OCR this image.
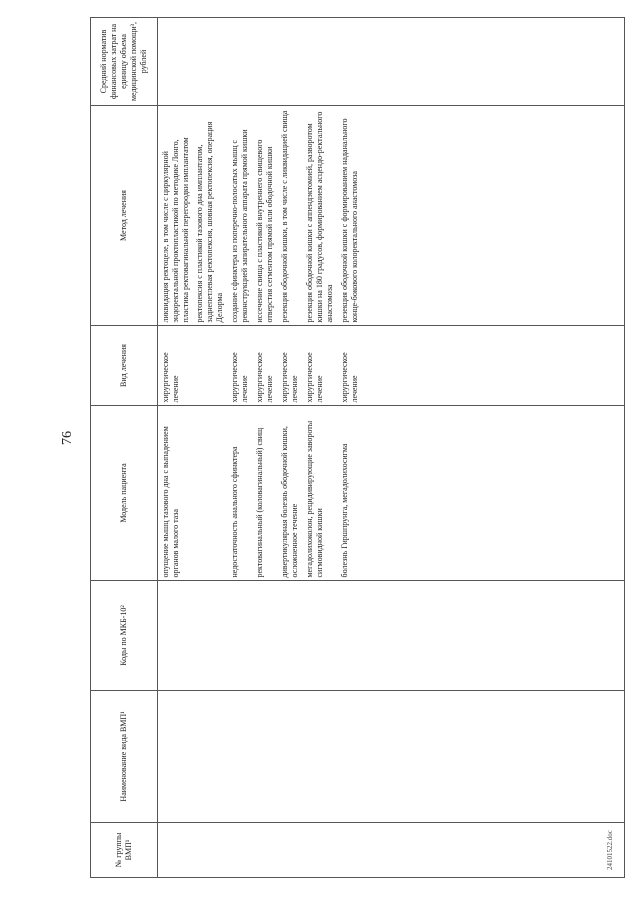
76
24101522.doc
№ группы ВМП¹	Наименование вида ВМП¹	Коды по МКБ-10²	Модель пациента	Вид лечения	Метод лечения	Средний норматив финансовых затрат на единицу объема медицинской помощи³, рублей
			опущение мышц тазового дна с выпадением органов малого таза	хирургическое лечение	ликвидация ректоцеле, в том числе с циркулярной эндоректальной проктопластикой по методике Лонго, пластика ректовагинальной перегородки имплантатом ректопексия с пластикой тазового дна имплантатом, заднепетлевая ректопексия, шовная ректопексия, операция Делорма	

			недостаточность анального сфинктера	хирургическое лечение	создание сфинктера из поперечно-полосатых мышц с реконструкцией запирательного аппарата прямой кишки	
			ректовагинальный (коловагинальный) свищ	хирургическое лечение	иссечение свища с пластикой внутреннего свищевого отверстия сегментом прямой или ободочной кишки	
			дивертикулярная болезнь ободочной кишки, осложненное течение	хирургическое лечение	резекция ободочной кишки, в том числе с ликвидацией свища	
			мегадолихоколон, рецидивирующие завороты сигмовидной кишки	хирургическое лечение	резекция ободочной кишки с аппендэктомией, разворотом кишки на 180 градусов, формированием асцендо-ректального анастомоза	
			болезнь Гиршпрунга, мегадолихосигма	хирургическое лечение	резекция ободочной кишки с формированием наданального конце-бокового колоректального анастомоза	
